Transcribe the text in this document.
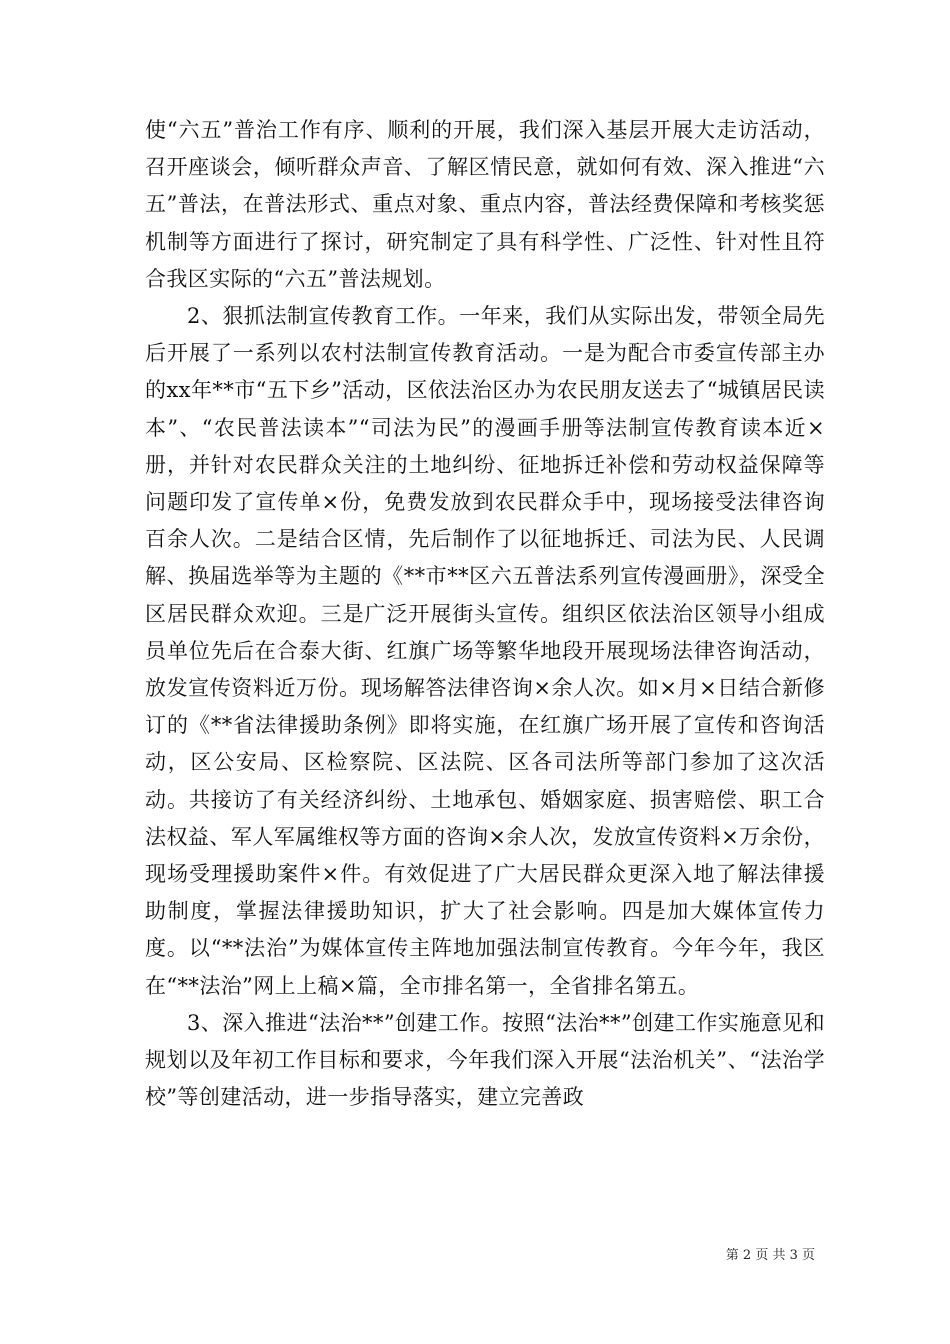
使“六五”普治工作有序、顺利的开展，我们深入基层开展大走访活动，召开座谈会，倾听群众声音、了解区情民意，就如何有效、深入推进“六五”普法，在普法形式、重点对象、重点内容，普法经费保障和考核奖惩机制等方面进行了探讨，研究制定了具有科学性、广泛性、针对性且符合我区实际的“六五”普法规划。

2、狠抓法制宣传教育工作。一年来，我们从实际出发，带领全局先后开展了一系列以农村法制宣传教育活动。一是为配合市委宣传部主办的xx年**市“五下乡”活动，区依法治区办为农民朋友送去了“城镇居民读本”、“农民普法读本”“司法为民”的漫画手册等法制宣传教育读本近×册，并针对农民群众关注的土地纠纷、征地拆迁补偿和劳动权益保障等问题印发了宣传单×份，免费发放到农民群众手中，现场接受法律咨询百余人次。二是结合区情，先后制作了以征地拆迁、司法为民、人民调解、换届选举等为主题的《**市**区六五普法系列宣传漫画册》，深受全区居民群众欢迎。三是广泛开展街头宣传。组织区依法治区领导小组成员单位先后在合泰大街、红旗广场等繁华地段开展现场法律咨询活动，放发宣传资料近万份。现场解答法律咨询×余人次。如×月×日结合新修订的《**省法律援助条例》即将实施，在红旗广场开展了宣传和咨询活动，区公安局、区检察院、区法院、区各司法所等部门参加了这次活动。共接访了有关经济纠纷、土地承包、婚姻家庭、损害赔偿、职工合法权益、军人军属维权等方面的咨询×余人次，发放宣传资料×万余份，现场受理援助案件×件。有效促进了广大居民群众更深入地了解法律援助制度，掌握法律援助知识，扩大了社会影响。四是加大媒体宣传力度。以“**法治”为媒体宣传主阵地加强法制宣传教育。今年今年，我区在“**法治”网上上稿×篇，全市排名第一，全省排名第五。

3、深入推进“法治**”创建工作。按照“法治**”创建工作实施意见和规划以及年初工作目标和要求，今年我们深入开展“法治机关”、“法治学校”等创建活动，进一步指导落实，建立完善政

第 2 页 共 3 页
